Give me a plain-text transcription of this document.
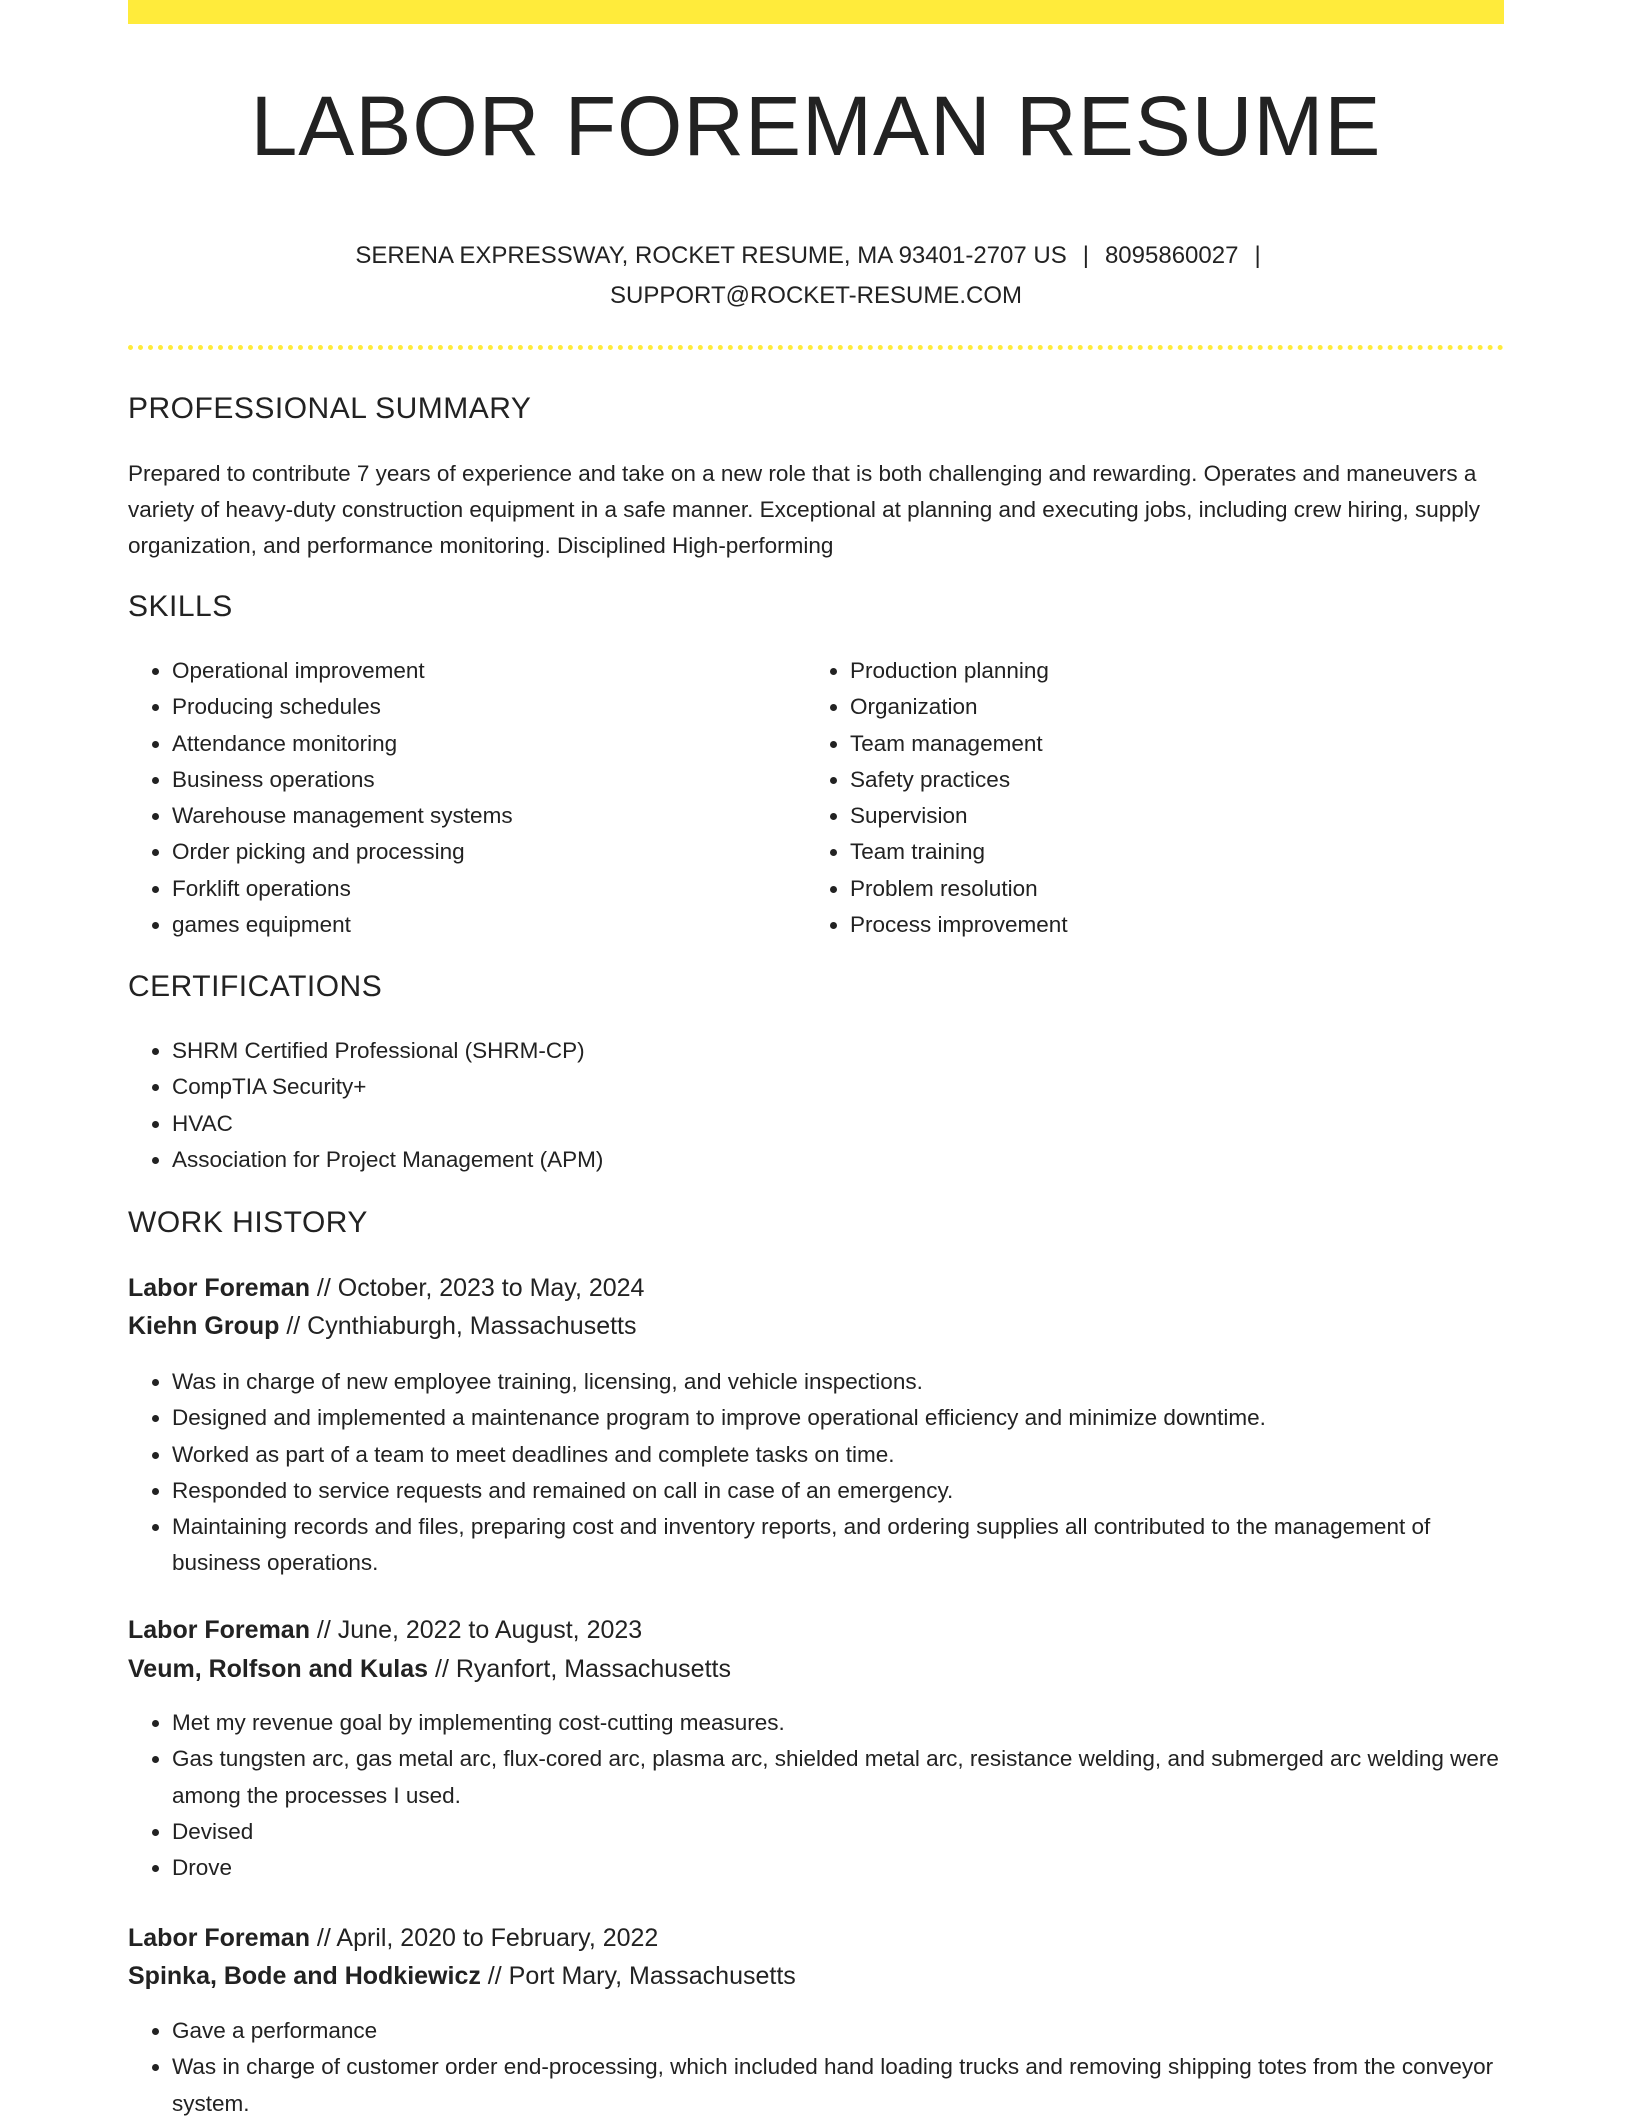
LABOR FOREMAN RESUME
SERENA EXPRESSWAY, ROCKET RESUME, MA 93401-2707 US | 8095860027 |
SUPPORT@ROCKET-RESUME.COM
PROFESSIONAL SUMMARY
Prepared to contribute 7 years of experience and take on a new role that is both challenging and rewarding. Operates and maneuvers a variety of heavy-duty construction equipment in a safe manner. Exceptional at planning and executing jobs, including crew hiring, supply organization, and performance monitoring. Disciplined High-performing
SKILLS
• Operational improvement
• Producing schedules
• Attendance monitoring
• Business operations
• Warehouse management systems
• Order picking and processing
• Forklift operations
• games equipment
• Production planning
• Organization
• Team management
• Safety practices
• Supervision
• Team training
• Problem resolution
• Process improvement
CERTIFICATIONS
• SHRM Certified Professional (SHRM-CP)
• CompTIA Security+
• HVAC
• Association for Project Management (APM)
WORK HISTORY
Labor Foreman // October, 2023 to May, 2024
Kiehn Group // Cynthiaburgh, Massachusetts
• Was in charge of new employee training, licensing, and vehicle inspections.
• Designed and implemented a maintenance program to improve operational efficiency and minimize downtime.
• Worked as part of a team to meet deadlines and complete tasks on time.
• Responded to service requests and remained on call in case of an emergency.
• Maintaining records and files, preparing cost and inventory reports, and ordering supplies all contributed to the management of business operations.
Labor Foreman // June, 2022 to August, 2023
Veum, Rolfson and Kulas // Ryanfort, Massachusetts
• Met my revenue goal by implementing cost-cutting measures.
• Gas tungsten arc, gas metal arc, flux-cored arc, plasma arc, shielded metal arc, resistance welding, and submerged arc welding were among the processes I used.
• Devised
• Drove
Labor Foreman // April, 2020 to February, 2022
Spinka, Bode and Hodkiewicz // Port Mary, Massachusetts
• Gave a performance
• Was in charge of customer order end-processing, which included hand loading trucks and removing shipping totes from the conveyor system.
